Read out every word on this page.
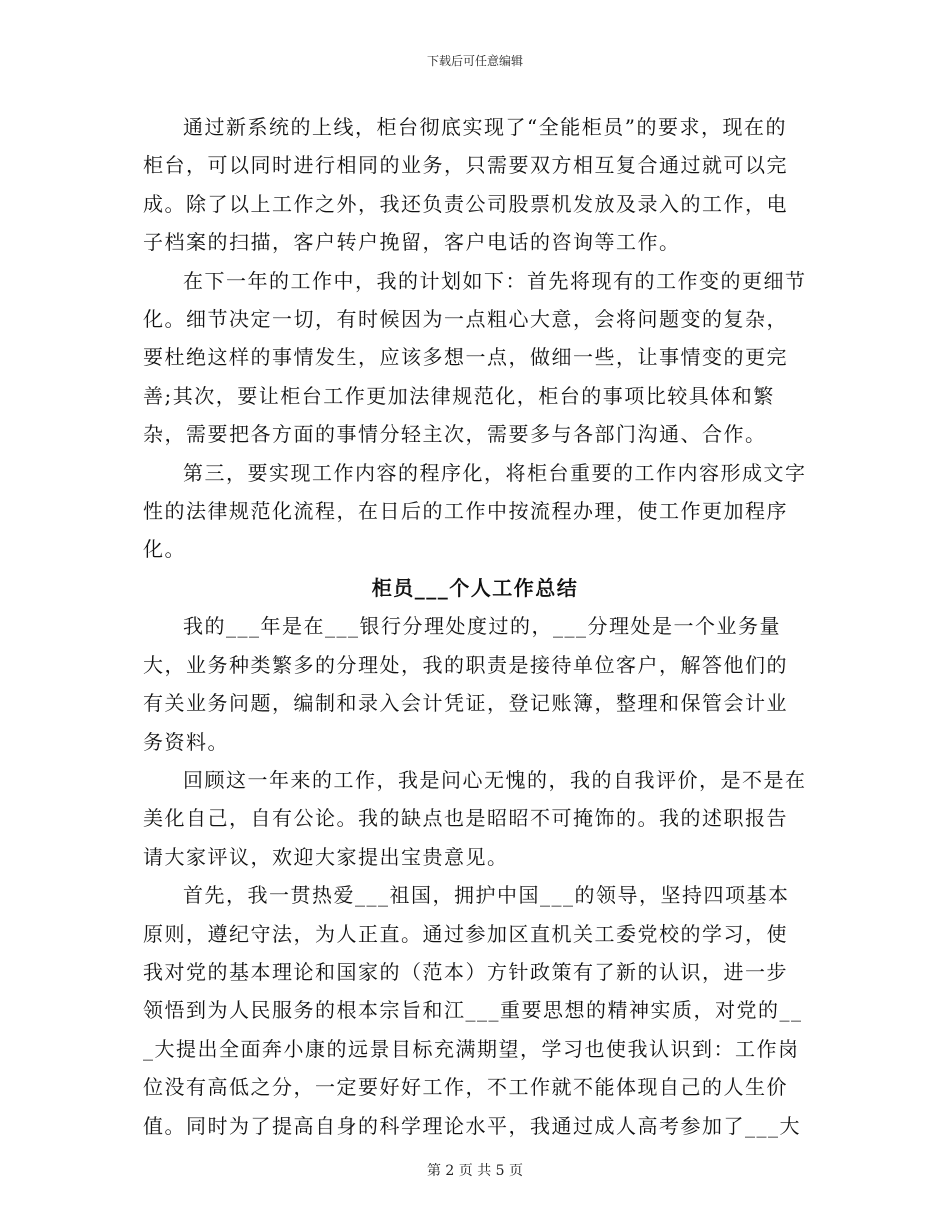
下载后可任意编辑

通过新系统的上线，柜台彻底实现了“全能柜员”的要求，现在的柜台，可以同时进行相同的业务，只需要双方相互复合通过就可以完成。除了以上工作之外，我还负责公司股票机发放及录入的工作，电子档案的扫描，客户转户挽留，客户电话的咨询等工作。

在下一年的工作中，我的计划如下：首先将现有的工作变的更细节化。细节决定一切，有时候因为一点粗心大意，会将问题变的复杂，要杜绝这样的事情发生，应该多想一点，做细一些，让事情变的更完善;其次，要让柜台工作更加法律规范化，柜台的事项比较具体和繁杂，需要把各方面的事情分轻主次，需要多与各部门沟通、合作。

第三，要实现工作内容的程序化，将柜台重要的工作内容形成文字性的法律规范化流程，在日后的工作中按流程办理，使工作更加程序化。

柜员___个人工作总结

我的___年是在___银行分理处度过的，___分理处是一个业务量大，业务种类繁多的分理处，我的职责是接待单位客户，解答他们的有关业务问题，编制和录入会计凭证，登记账簿，整理和保管会计业务资料。

回顾这一年来的工作，我是问心无愧的，我的自我评价，是不是在美化自己，自有公论。我的缺点也是昭昭不可掩饰的。我的述职报告请大家评议，欢迎大家提出宝贵意见。

首先，我一贯热爱___祖国，拥护中国___的领导，坚持四项基本原则，遵纪守法，为人正直。通过参加区直机关工委党校的学习，使我对党的基本理论和国家的（范本）方针政策有了新的认识，进一步领悟到为人民服务的根本宗旨和江___重要思想的精神实质，对党的___大提出全面奔小康的远景目标充满期望，学习也使我认识到：工作岗位没有高低之分，一定要好好工作，不工作就不能体现自己的人生价值。同时为了提高自身的科学理论水平，我通过成人高考参加了___大

第 2 页 共 5 页
